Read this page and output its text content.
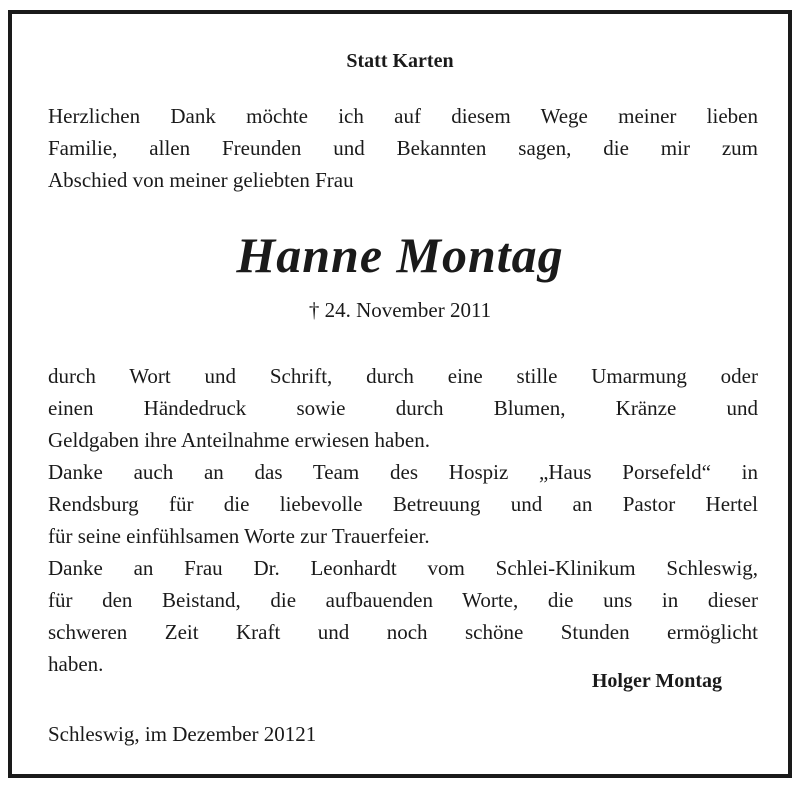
Statt Karten
Herzlichen Dank möchte ich auf diesem Wege meiner lieben
Familie, allen Freunden und Bekannten sagen, die mir zum
Abschied von meiner geliebten Frau
Hanne Montag
† 24. November 2011
durch Wort und Schrift, durch eine stille Umarmung oder
einen Händedruck sowie durch Blumen, Kränze und
Geldgaben ihre Anteilnahme erwiesen haben.
Danke auch an das Team des Hospiz „Haus Porsefeld“ in
Rendsburg für die liebevolle Betreuung und an Pastor Hertel
für seine einfühlsamen Worte zur Trauerfeier.
Danke an Frau Dr. Leonhardt vom Schlei-Klinikum Schleswig,
für den Beistand, die aufbauenden Worte, die uns in dieser
schweren Zeit Kraft und noch schöne Stunden ermöglicht
haben.
Holger Montag
Schleswig, im Dezember 20121
